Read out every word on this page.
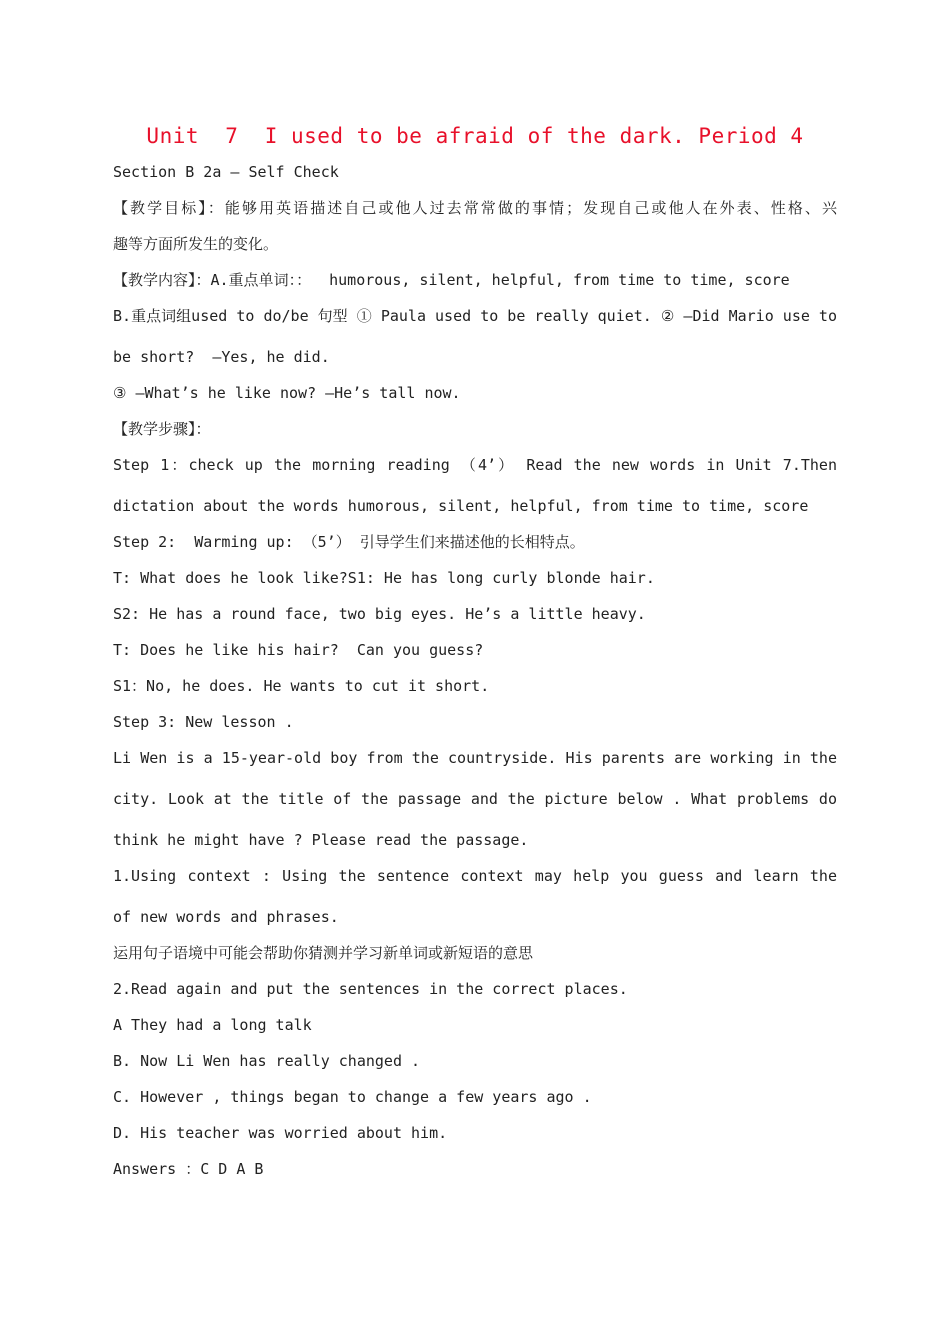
Unit  7  I used to be afraid of the dark. Period 4
Section B 2a — Self Check
【教学目标】：能够用英语描述自己或他人过去常常做的事情；发现自己或他人在外表、性格、兴
趣等方面所发生的变化。
【教学内容】：A.重点单词：：  humorous, silent, helpful, from time to time, score
B.重点词组used to do/be 句型 ① Paula used to be really quiet. ② —Did Mario use to
be short?  —Yes, he did.
③ —What’s he like now? —He’s tall now.
【教学步骤】：
Step 1：check up the morning reading （4’） Read the new words in Unit 7.Then
dictation about the words humorous, silent, helpful, from time to time, score
Step 2:  Warming up: （5’） 引导学生们来描述他的长相特点。
T: What does he look like?S1: He has long curly blonde hair.
S2: He has a round face, two big eyes. He’s a little heavy.
T: Does he like his hair?  Can you guess?
S1：No, he does. He wants to cut it short.
Step 3: New lesson .
Li Wen is a 15-year-old boy from the countryside. His parents are working in the
city. Look at the title of the passage and the picture below . What problems do
think he might have ? Please read the passage.
1.Using context : Using the sentence context may help you guess and learn the
of new words and phrases.
运用句子语境中可能会帮助你猜测并学习新单词或新短语的意思
2.Read again and put the sentences in the correct places.
A They had a long talk
B. Now Li Wen has really changed .
C. However , things began to change a few years ago .
D. His teacher was worried about him.
Answers ：C D A B
